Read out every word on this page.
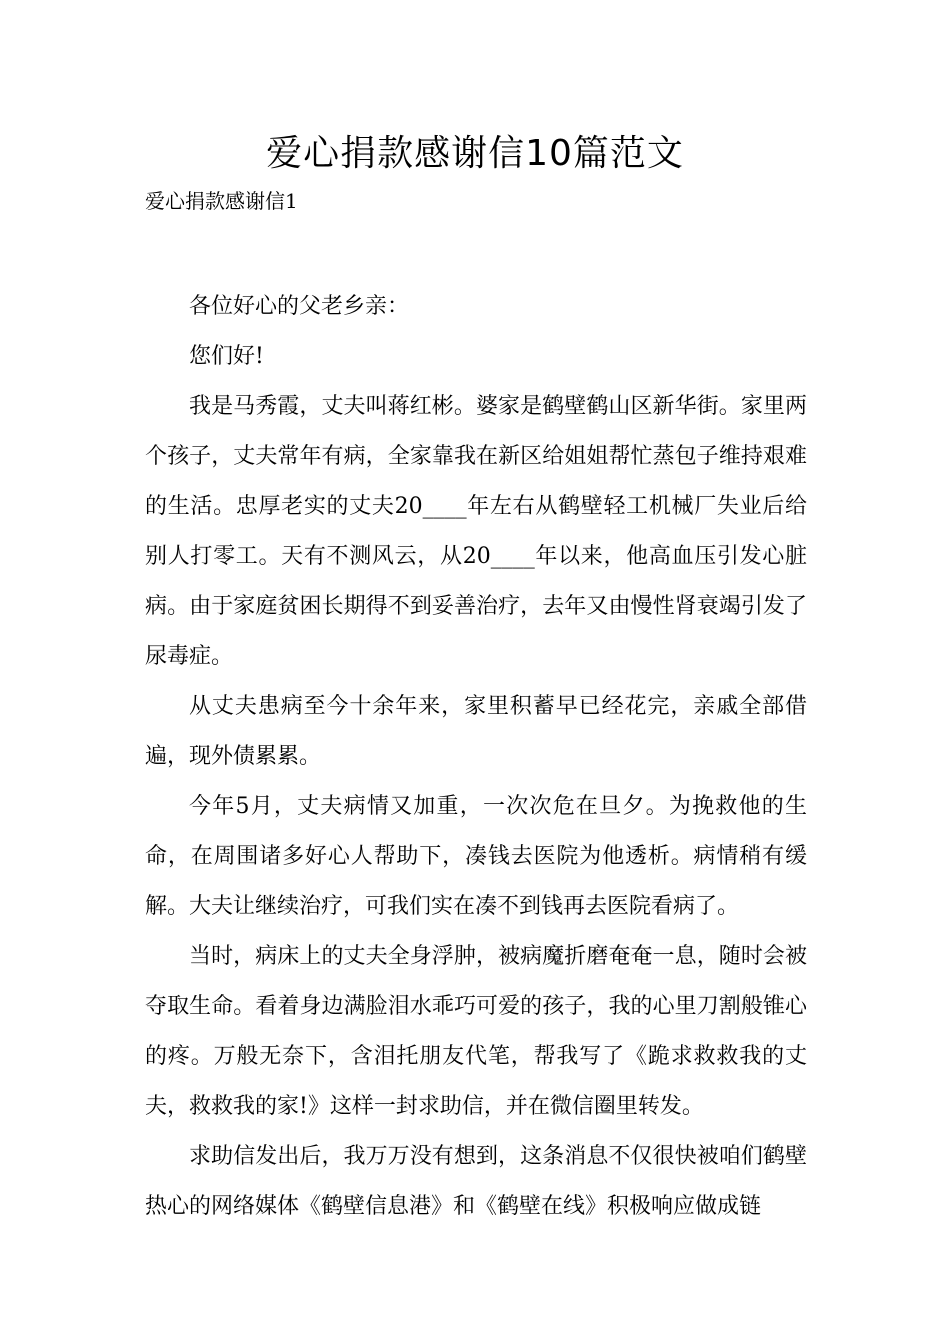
爱心捐款感谢信10篇范文
爱心捐款感谢信1

各位好心的父老乡亲：

您们好!

我是马秀霞，丈夫叫蒋红彬。婆家是鹤壁鹤山区新华街。家里两个孩子，丈夫常年有病，全家靠我在新区给姐姐帮忙蒸包子维持艰难的生活。忠厚老实的丈夫20____年左右从鹤壁轻工机械厂失业后给别人打零工。天有不测风云，从20____年以来，他高血压引发心脏病。由于家庭贫困长期得不到妥善治疗，去年又由慢性肾衰竭引发了尿毒症。

从丈夫患病至今十余年来，家里积蓄早已经花完，亲戚全部借遍，现外债累累。

今年5月，丈夫病情又加重，一次次危在旦夕。为挽救他的生命，在周围诸多好心人帮助下，凑钱去医院为他透析。病情稍有缓解。大夫让继续治疗，可我们实在凑不到钱再去医院看病了。

当时，病床上的丈夫全身浮肿，被病魔折磨奄奄一息，随时会被夺取生命。看着身边满脸泪水乖巧可爱的孩子，我的心里刀割般锥心的疼。万般无奈下，含泪托朋友代笔，帮我写了《跪求救救我的丈夫，救救我的家!》这样一封求助信，并在微信圈里转发。

求助信发出后，我万万没有想到，这条消息不仅很快被咱们鹤壁热心的网络媒体《鹤壁信息港》和《鹤壁在线》积极响应做成链
